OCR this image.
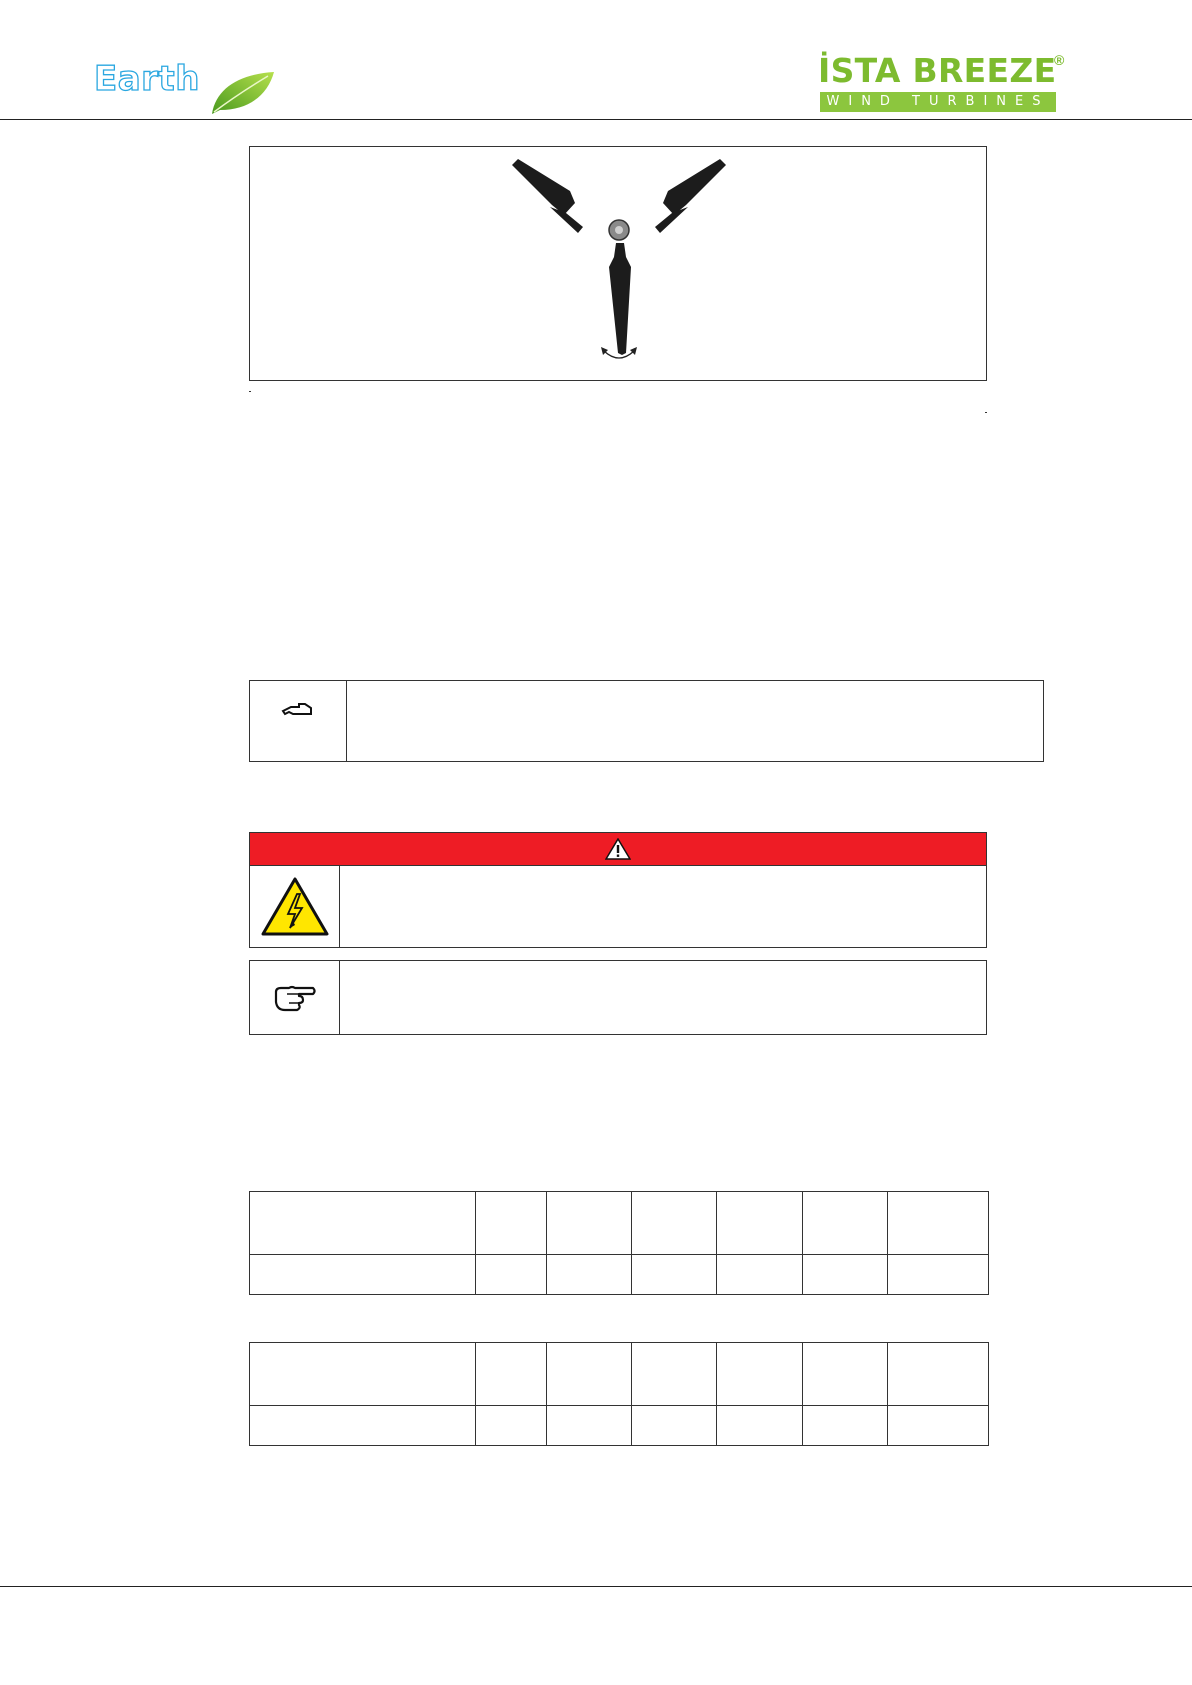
Earth	İSTA BREEZE
®
WIND TURBINES
